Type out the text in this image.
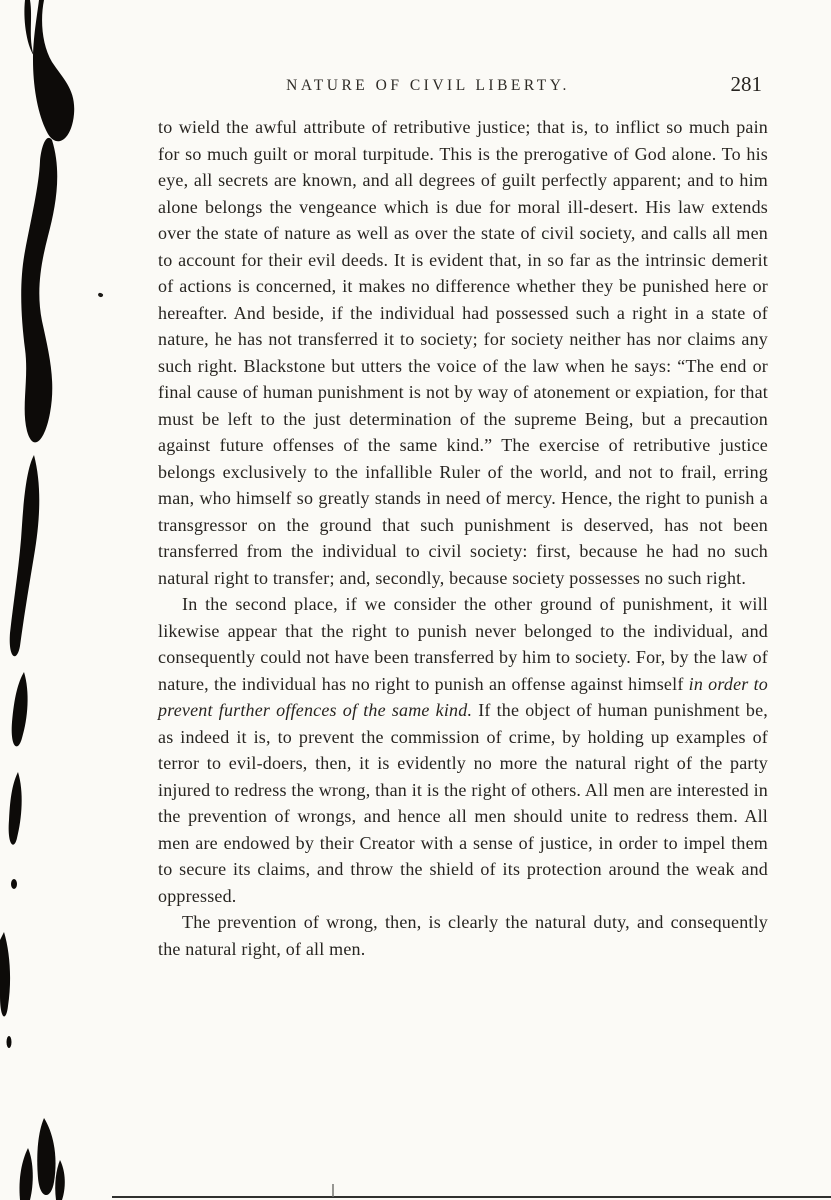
NATURE OF CIVIL LIBERTY.	281

to wield the awful attribute of retributive justice; that is, to inflict so much pain for so much guilt or moral turpitude. This is the prerogative of God alone. To his eye, all secrets are known, and all degrees of guilt perfectly apparent; and to him alone belongs the vengeance which is due for moral ill-desert. His law extends over the state of nature as well as over the state of civil society, and calls all men to account for their evil deeds. It is evident that, in so far as the intrinsic demerit of actions is concerned, it makes no difference whether they be punished here or hereafter. And beside, if the individual had possessed such a right in a state of nature, he has not transferred it to society; for society neither has nor claims any such right. Blackstone but utters the voice of the law when he says: “The end or final cause of human punishment is not by way of atonement or expiation, for that must be left to the just determination of the supreme Being, but a precaution against future offenses of the same kind.” The exercise of retributive justice belongs exclusively to the infallible Ruler of the world, and not to frail, erring man, who himself so greatly stands in need of mercy. Hence, the right to punish a transgressor on the ground that such punishment is deserved, has not been transferred from the individual to civil society: first, because he had no such natural right to transfer; and, secondly, because society possesses no such right.

In the second place, if we consider the other ground of punishment, it will likewise appear that the right to punish never belonged to the individual, and consequently could not have been transferred by him to society. For, by the law of nature, the individual has no right to punish an offense against himself in order to prevent further offences of the same kind. If the object of human punishment be, as indeed it is, to prevent the commission of crime, by holding up examples of terror to evil-doers, then, it is evidently no more the natural right of the party injured to redress the wrong, than it is the right of others. All men are interested in the prevention of wrongs, and hence all men should unite to redress them. All men are endowed by their Creator with a sense of justice, in order to impel them to secure its claims, and throw the shield of its protection around the weak and oppressed.

The prevention of wrong, then, is clearly the natural duty, and consequently the natural right, of all men.
